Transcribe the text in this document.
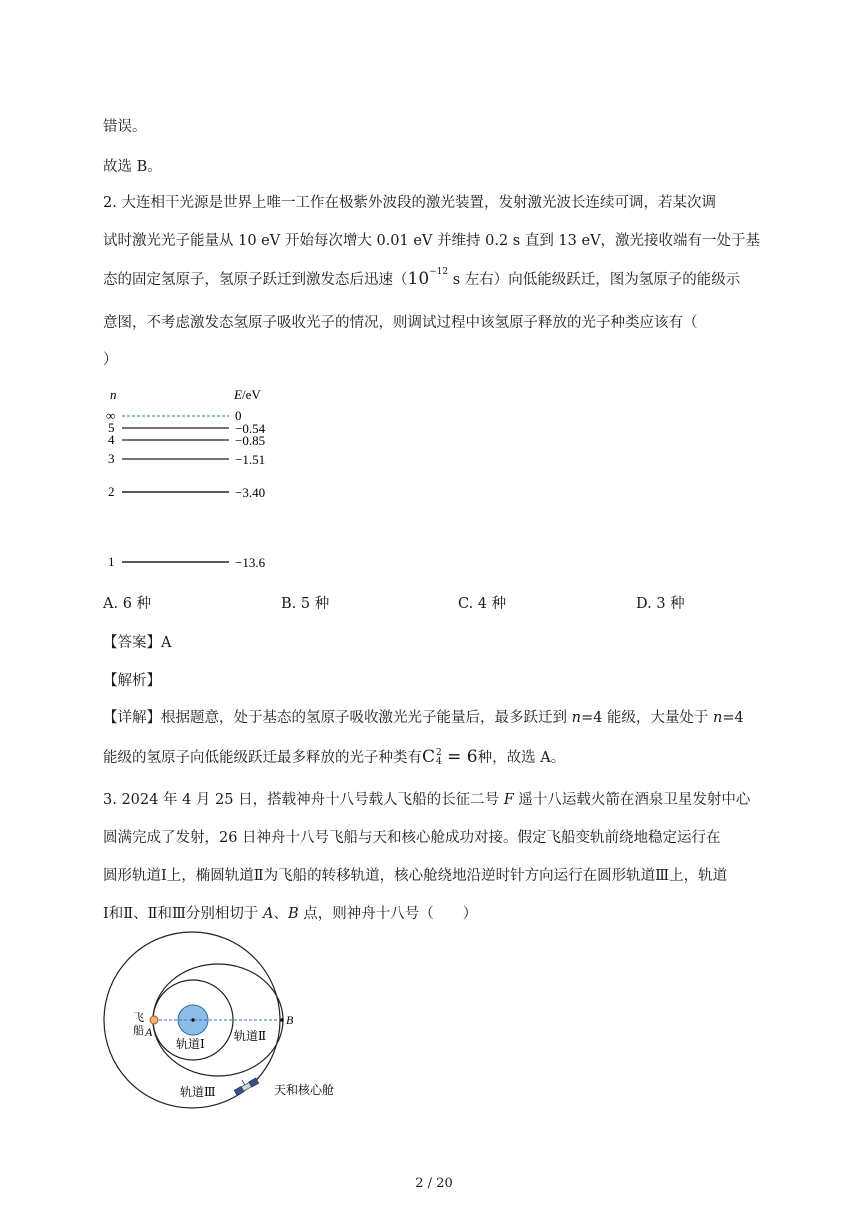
错误。
故选 B。
2. 大连相干光源是世界上唯一工作在极紫外波段的激光装置，发射激光波长连续可调，若某次调
试时激光光子能量从 10 eV 开始每次增大 0.01 eV 并维持 0.2 s 直到 13 eV，激光接收端有一处于基
态的固定氢原子，氢原子跃迁到激发态后迅速（$10^{-12}$ s 左右）向低能级跃迁，图为氢原子的能级示
意图，不考虑激发态氢原子吸收光子的情况，则调试过程中该氢原子释放的光子种类应该有（
）
n	E/eV
∞	0
5	−0.54
4	−0.85
3	−1.51
2	−3.40
1	−13.6
A. 6 种	B. 5 种	C. 4 种	D. 3 种
【答案】A
【解析】
【详解】根据题意，处于基态的氢原子吸收激光光子能量后，最多跃迁到 n=4 能级，大量处于 n=4
能级的氢原子向低能级跃迁最多释放的光子种类有C 2
4 = 6种，故选 A。
3. 2024 年 4 月 25 日，搭载神舟十八号载人飞船的长征二号 F 遥十八运载火箭在酒泉卫星发射中心
圆满完成了发射，26 日神舟十八号飞船与天和核心舱成功对接。假定飞船变轨前绕地稳定运行在
圆形轨道Ⅰ上，椭圆轨道Ⅱ为飞船的转移轨道，核心舱绕地沿逆时针方向运行在圆形轨道Ⅲ上，轨道
Ⅰ和Ⅱ、Ⅱ和Ⅲ分别相切于 A、B 点，则神舟十八号（　　）
飞
船 A
B
轨道Ⅰ
轨道Ⅱ
轨道Ⅲ	天和核心舱
2 / 20
